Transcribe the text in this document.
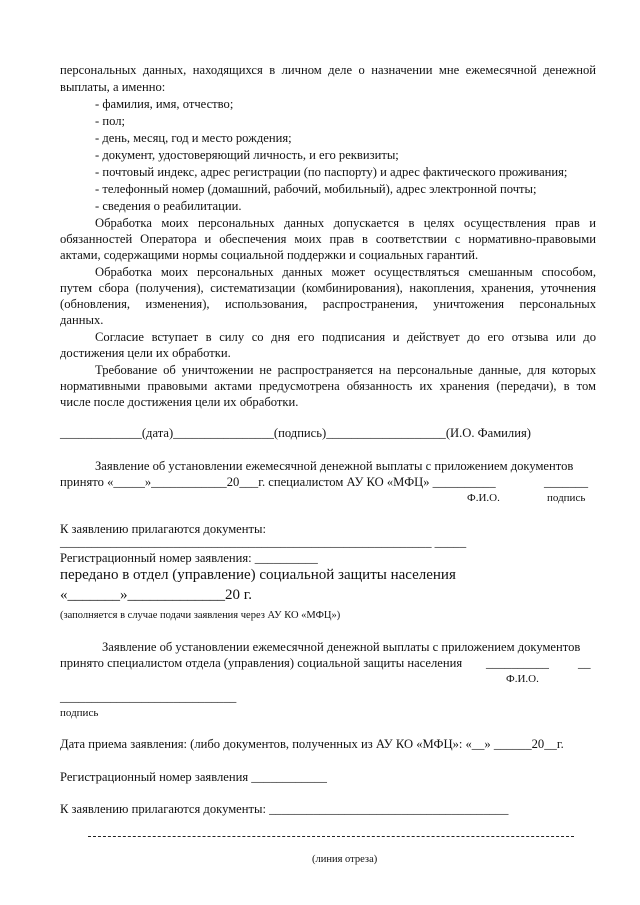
персональных данных, находящихся в личном деле о назначении мне ежемесячной денежной
выплаты, а именно:
- фамилия, имя, отчество;
- пол;
- день, месяц, год и место рождения;
- документ, удостоверяющий личность, и его реквизиты;
- почтовый индекс, адрес регистрации (по паспорту) и адрес фактического проживания;
- телефонный номер (домашний, рабочий, мобильный), адрес электронной почты;
- сведения о реабилитации.
Обработка моих персональных данных допускается в целях осуществления прав и
обязанностей Оператора и обеспечения моих прав в соответствии с нормативно-правовыми
актами, содержащими нормы социальной поддержки и социальных гарантий.
Обработка моих персональных данных может осуществляться смешанным способом,
путем сбора (получения), систематизации (комбинирования), накопления, хранения, уточнения
(обновления, изменения), использования, распространения, уничтожения персональных
данных.
Согласие вступает в силу со дня его подписания и действует до его отзыва или до
достижения цели их обработки.
Требование об уничтожении не распространяется на персональные данные, для которых
нормативными правовыми актами предусмотрена обязанность их хранения (передачи), в том
числе после достижения цели их обработки.
_____________(дата)________________(подпись)___________________(И.О. Фамилия)
Заявление об установлении ежемесячной денежной выплаты с приложением документов
принято «_____»____________20___г. специалистом АУ КО «МФЦ» __________	_______
Ф.И.О.	подпись
К заявлению прилагаются документы:
___________________________________________________________ _____
Регистрационный номер заявления: __________
передано в отдел (управление) социальной защиты населения
«_______»_____________20 г.
(заполняется в случае подачи заявления через АУ КО «МФЦ»)
Заявление об установлении ежемесячной денежной выплаты с приложением документов
принято специалистом отдела (управления) социальной защиты населения __________ __
Ф.И.О.
____________________________
подпись
Дата приема заявления: (либо документов, полученных из АУ КО «МФЦ»: «__» ______20__г.
Регистрационный номер заявления ____________
К заявлению прилагаются документы: ______________________________________
(линия отреза)
